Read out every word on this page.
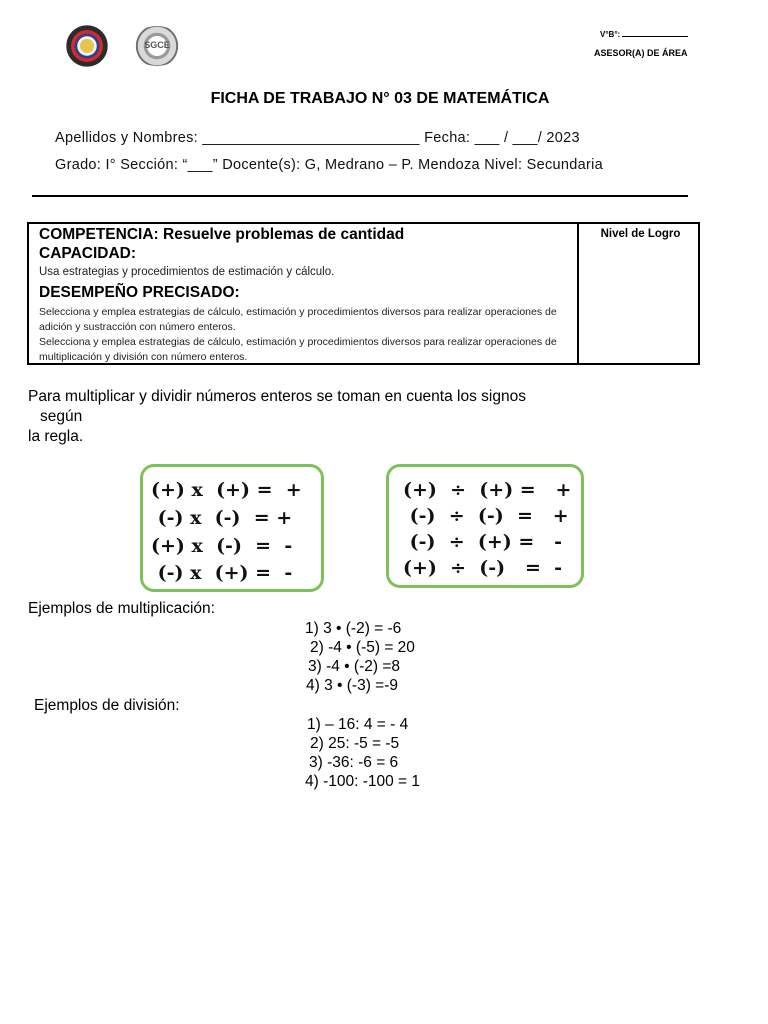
SGCE
V°B°:
ASESOR(A) DE ÁREA
FICHA DE TRABAJO N° 03 DE MATEMÁTICA
Apellidos y Nombres: __________________________ Fecha: ___ / ___/ 2023
Grado: I° Sección: “___” Docente(s): G, Medrano – P. Mendoza Nivel: Secundaria
COMPETENCIA: Resuelve problemas de cantidad
CAPACIDAD:
Usa estrategias y procedimientos de estimación y cálculo.
DESEMPEÑO PRECISADO:
Selecciona y emplea estrategias de cálculo, estimación y procedimientos diversos para realizar operaciones de adición y sustracción con número enteros.
Selecciona y emplea estrategias de cálculo, estimación y procedimientos diversos para realizar operaciones de multiplicación y división con número enteros.
Nivel de Logro
Para multiplicar y dividir números enteros se toman en cuenta los signos
según
la regla.
(+) x  (+) =  +
(-) x  (-)  = +
(+) x  (-)  =  -
(-) x  (+) =  -
(+)  ÷  (+) =   +
(-)  ÷  (-)  =   +
(-)  ÷  (+) =   -
(+)  ÷  (-)   =  -
Ejemplos de multiplicación:
1) 3 • (-2) = -6
2) -4 • (-5) = 20
3) -4 • (-2) =8
4) 3 • (-3) =-9
Ejemplos de división:
1) – 16: 4 = - 4
2) 25: -5 = -5
3) -36: -6 = 6
4) -100: -100 = 1
